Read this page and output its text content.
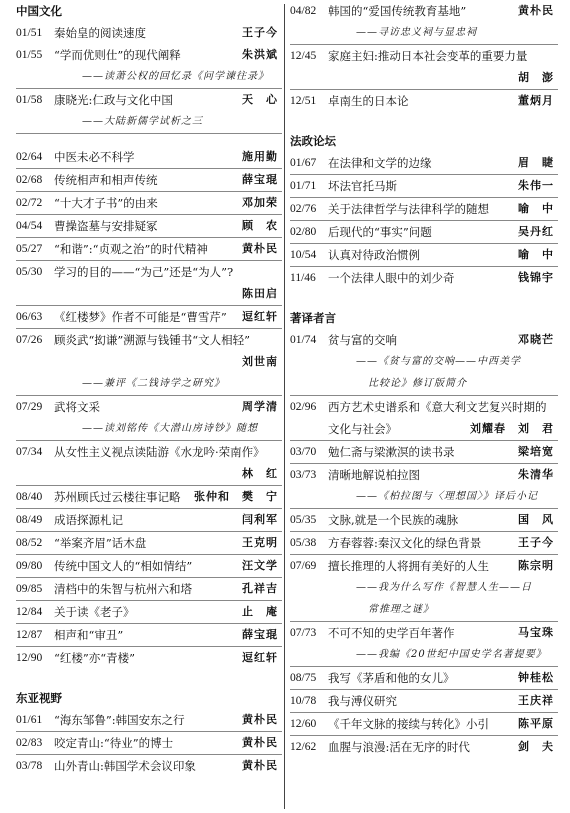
中国文化
01/51	秦始皇的阅读速度	王子今
01/55	“学而优则仕”的现代阐释	朱洪斌
——读萧公权的回忆录《问学谏往录》
01/58	康晓光:仁政与文化中国	天　心
——大陆新儒学试析之三
02/64	中医未必不科学	施用勤
02/68	传统相声和相声传统	薛宝琨
02/72	“十大才子书”的由来	邓加荣
04/54	曹操盗墓与安排疑冢	顾　农
05/27	“和谐”:“贞观之治”的时代精神	黄朴民
05/30	学习的目的——“为己”还是“为人”?
陈田启
06/63	《红楼梦》作者不可能是“曹雪芹”	逗红轩
07/26	顾炎武“抝谦”溯源与钱锺书“文人相轻”
刘世南
——兼评《二钱诗学之研究》
07/29	武将文采	周学清
——读刘铭传《大潜山房诗钞》随想
07/34	从女性主义视点读陆游《水龙吟·荣南作》
林　红
08/40	苏州顾氏过云楼往事记略	张仲和　樊　宁
08/49	成语探源札记	闫利军
08/52	“举案齐眉”话木盘	王克明
09/80	传统中国文人的“相如情结”	汪文学
09/85	清档中的朱智与杭州六和塔	孔祥吉
12/84	关于读《老子》	止　庵
12/87	相声和“审丑”	薛宝琨
12/90	“红楼”亦“青楼”	逗红轩
东亚视野
01/61	“海东邹鲁”:韩国安东之行	黄朴民
02/83	咬定青山:“待业”的博士	黄朴民
03/78	山外青山:韩国学术会议印象	黄朴民
04/82	韩国的“爱国传统教育基地”	黄朴民
——寻访忠义祠与显忠祠
12/45	家庭主妇:推动日本社会变革的重要力量
胡　澎
12/51	卓南生的日本论	董炳月
法政论坛
01/67	在法律和文学的边缘	眉　睫
01/71	坏法官托马斯	朱伟一
02/76	关于法律哲学与法律科学的随想	喻　中
02/80	后现代的“事实”问题	吴丹红
10/54	认真对待政治惯例	喻　中
11/46	一个法律人眼中的刘少奇	钱锦宇
著译者言
01/74	贫与富的交响	邓晓芒
——《贫与富的交响——中西美学
比较论》修订版简介
02/96	西方艺术史谱系和《意大利文艺复兴时期的
文化与社会》	刘耀春　刘　君
03/70	勉仁斋与梁漱溟的读书录	梁培宽
03/73	清晰地解说柏拉图	朱清华
——《柏拉图与〈理想国〉》译后小记
05/35	文脉,就是一个民族的魂脉	国　风
05/38	方春蓉蓉:秦汉文化的绿色背景	王子今
07/69	擅长推理的人将拥有美好的人生	陈宗明
——我为什么写作《智慧人生——日
常推理之谜》
07/73	不可不知的史学百年著作	马宝珠
——我编《20世纪中国史学名著提要》
08/75	我写《茅盾和他的女儿》	钟桂松
10/78	我与溥仪研究	王庆祥
12/60	《千年文脉的接续与转化》小引	陈平原
12/62	血腥与浪漫:活在无序的时代	剑　夫
